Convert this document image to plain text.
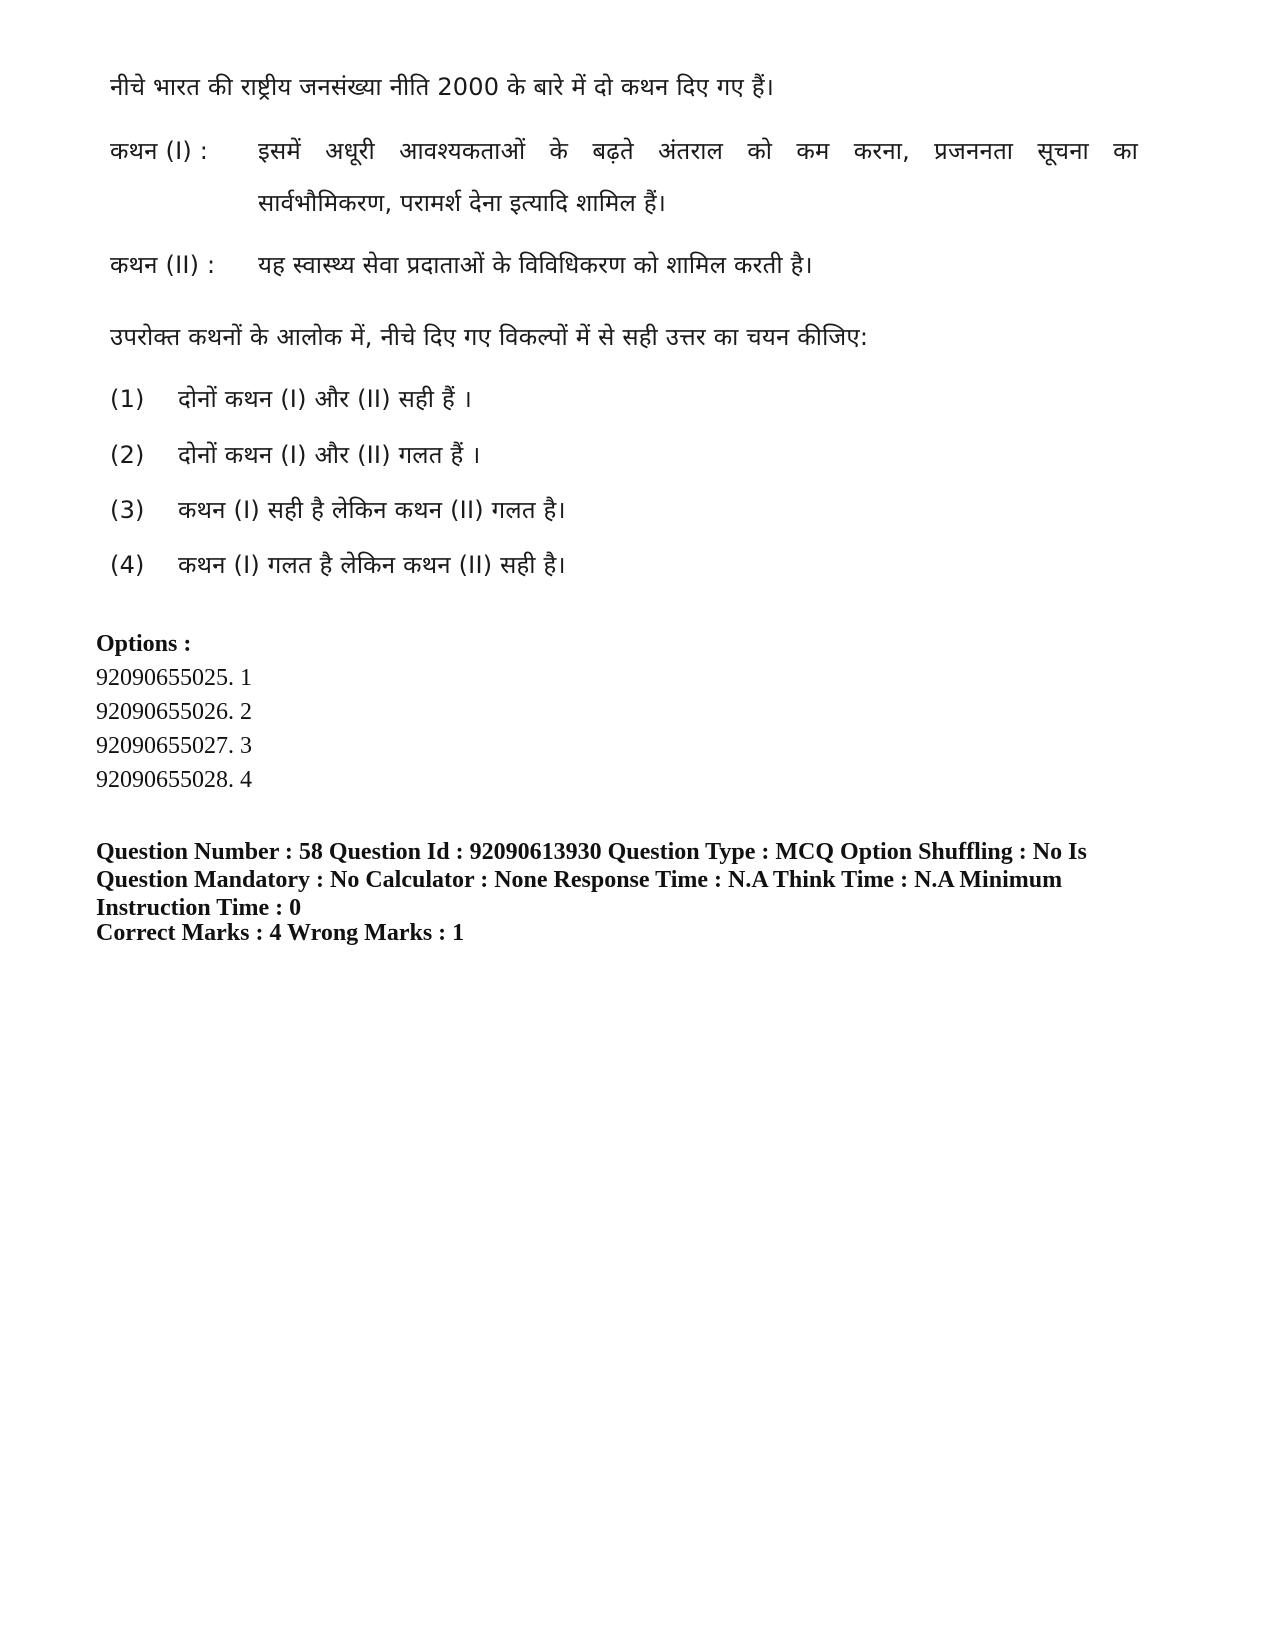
नीचे भारत की राष्ट्रीय जनसंख्या नीति 2000 के बारे में दो कथन दिए गए हैं।
कथन (I) : इसमें अधूरी आवश्यकताओं के बढ़ते अंतराल को कम करना, प्रजननता सूचना का
सार्वभौमिकरण, परामर्श देना इत्यादि शामिल हैं।
कथन (II) : यह स्वास्थ्य सेवा प्रदाताओं के विविधिकरण को शामिल करती है।
उपरोक्त कथनों के आलोक में, नीचे दिए गए विकल्पों में से सही उत्तर का चयन कीजिए:
(1) दोनों कथन (I) और (II) सही हैं ।
(2) दोनों कथन (I) और (II) गलत हैं ।
(3) कथन (I) सही है लेकिन कथन (II) गलत है।
(4) कथन (I) गलत है लेकिन कथन (II) सही है।
Options :
92090655025. 1
92090655026. 2
92090655027. 3
92090655028. 4
Question Number : 58 Question Id : 92090613930 Question Type : MCQ Option Shuffling : No Is
Question Mandatory : No Calculator : None Response Time : N.A Think Time : N.A Minimum
Instruction Time : 0
Correct Marks : 4 Wrong Marks : 1
